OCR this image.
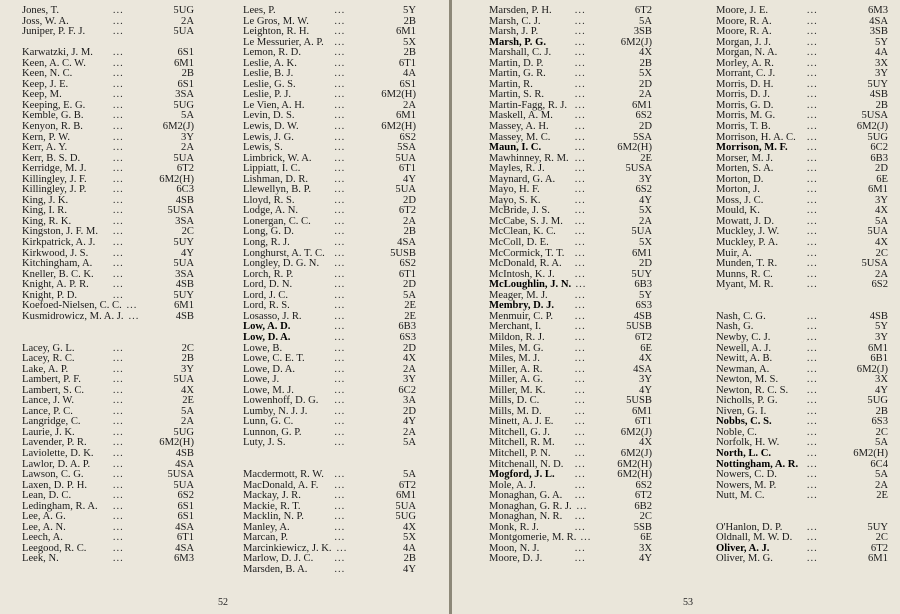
Jones, T.	...	5UG
Joss, W. A.	...	2A
Juniper, P. F. J.	...	5UA
Karwatzki, J. M. ...	6S1
Keen, A. C. W.	...	6M1
Keen, N. C.	...	2B
Keep, J. E.	...	6S1
Keep, M.	...	3SA
Keeping, E. G.	...	5UG
Kemble, G. B.	...	5A
Kenyon, R. B.	...	6M2(J)
Kern, P. W.	...	3Y
Kerr, A. Y.	...	2A
Kerr, B. S. D.	...	5UA
Kerridge, M. J. ...	6T2
Killingley, J. F. ...	6M2(H)
Killingley, J. P. ...	6C3
King, J. K.	...	4SB
King, I. R.	...	5USA
King, R. K.	...	3SA
Kingston, J. F. M. ...	2C
Kirkpatrick, A. J. ...	5UY
Kirkwood, J. S. ...	4Y
Kitchingham, A. ...	5UA
Kneller, B. C. K. ...	3SA
Knight, A. P. R. ...	4SB
Knight, P. D.	...	5UY
Koefoed-Nielsen, C. C. ...	6M1
Kusmidrowicz, M. A. J. ...	4SB
Lacey, G. L.	...	2C
Lacey, R. C.	...	2B
Lake, A. P.	...	3Y
Lambert, P. F.	...	5UA
Lambert, S. C.	...	4X
Lance, J. W.	...	2E
Lance, P. C.	...	5A
Langridge, C.	...	2A
Laurie, J. K.	...	5UG
Lavender, P. R. ...	6M2(H)
Laviolette, D. K. ...	4SB
Lawlor, D. A. P. ...	4SA
Lawson, C. G.	...	5USA
Laxen, D. P. H. ...	5UA
Lean, D. C.	...	6S2
Ledingham, R. A. ...	6S1
Lee, A. G.	...	6S1
Lee, A. N.	...	4SA
Leech, A.	...	6T1
Leegood, R. C. ...	4SA
Leek, N.	...	6M3
Lees, P.	...	5Y
Le Gros, M. W. ...	2B
Leighton, R. H. ...	6M1
Le Messurier, A. P. ...	5X
Lemon, R. D.	...	2B
Leslie, A. K.	...	6T1
Leslie, B. J.	...	4A
Leslie, G. S.	...	6S1
Leslie, P. J.	...	6M2(H)
Le Vien, A. H.	...	2A
Levin, D. S.	...	6M1
Lewis, D. W.	...	6M2(H)
Lewis, J. G.	...	6S2
Lewis, S.	...	5SA
Limbrick, W. A. ...	5UA
Lippiatt, I. C.	...	6T1
Lishman, D. R. ...	4Y
Llewellyn, B. P. ...	5UA
Lloyd, R. S.	...	2D
Lodge, A. N.	...	6T2
Lonergan, C. C. ...	2A
Long, G. D.	...	2B
Long, R. J.	...	4SA
Longhurst, A. T. C. ...	5USB
Longley, D. G. N. ...	6S2
Lorch, R. P.	...	6T1
Lord, D. N.	...	2D
Lord, J. C.	...	5A
Lord, R. S.	...	2E
Losasso, J. R.	...	2E
Low, A. D.	...	6B3
Low, D. A.	...	6S3
Lowe, B.	...	2D
Lowe, C. E. T.	...	4X
Lowe, D. A.	...	2A
Lowe, J.	...	3Y
Lowe, M. J.	...	6C2
Lowenhoff, D. G. ...	3A
Lumby, N. J. J.	...	2D
Lunn, G. C.	...	4Y
Lunnon, G. P.	...	2A
Luty, J. S.	...	5A
Macdermott, R. W. ...	5A
MacDonald, A. F. ...	6T2
Mackay, J. R.	...	6M1
Mackie, R. T.	...	5UA
Macklin, N. P.	...	5UG
Manley, A.	...	4X
Marcan, P.	...	5X
Marcinkiewicz, J. K. ...	4A
Marlow, D. J. C. ...	2B
Marsden, B. A.	...	4Y
52
Marsden, P. H. ...	6T2
Marsh, C. J.	...	5A
Marsh, J. P.	...	3SB
Marsh, P. G.	...	6M2(J)
Marshall, C. J. ...	4X
Martin, D. P.	...	2B
Martin, G. R.	...	5X
Martin, R.	...	2D
Martin, S. R.	...	2A
Martin-Fagg, R. J. ...	6M1
Maskell, A. M. ...	6S2
Massey, A. H. ...	2D
Massey, M. C. ...	5SA
Maun, I. C.	...	6M2(H)
Mawhinney, R. M. ...	2E
Mayles, R. J.	...	5USA
Maynard, G. A. ...	3Y
Mayo, H. F.	...	6S2
Mayo, S. K.	...	4Y
McBride, J. S. ...	5X
McCabe, S. J. M. ...	2A
McClean, K. C. ...	5UA
McColl, D. E. ...	5X
McCormick, T. T. ...	6M1
McDonald, R. A. ...	2D
McIntosh, K. J. ...	5UY
McLoughlin, J. N. ...	6B3
Meager, M. J.	...	5Y
Membry, D. J. ...	6S3
Menmuir, C. P. ...	4SB
Merchant, I.	...	5USB
Mildon, R. J.	...	6T2
Miles, M. G.	...	6E
Miles, M. J.	...	4X
Miller, A. R.	...	4SA
Miller, A. G.	...	3Y
Miller, M. K.	...	4Y
Mills, D. C.	...	5USB
Mills, M. D.	...	6M1
Minett, A. J. E. ...	6T1
Mitchell, G. J. ...	6M2(J)
Mitchell, R. M. ...	4X
Mitchell, P. N. ...	6M2(J)
Mitchenall, N. D. ...	6M2(H)
Mogford, J. L. ...	6M2(H)
Mole, A. J.	...	6S2
Monaghan, G. A. ...	6T2
Monaghan, G. R. J. ...	6B2
Monaghan, N. R. ...	2C
Monk, R. J.	...	5SB
Montgomerie, M. R. ...	6E
Moon, N. J.	...	3X
Moore, D. J.	...	4Y
Moore, J. E.	...	6M3
Moore, R. A.	...	4SA
Moore, R. A.	...	3SB
Morgan, J. J.	...	5Y
Morgan, N. A.	...	4A
Morley, A. R.	...	3X
Morrant, C. J.	...	3Y
Morris, D. H.	...	5UY
Morris, D. J.	...	4SB
Morris, G. D.	...	2B
Morris, M. G.	...	5USA
Morris, T. B.	...	6M2(J)
Morrison, H. A. C. ...	5UG
Morrison, M. F. ...	6C2
Morser, M. J.	...	6B3
Morten, S. A.	...	2D
Morton, D.	...	6E
Morton, J.	...	6M1
Moss, J. C.	...	3Y
Mould, K.	...	4X
Mowatt, J. D.	...	5A
Muckley, J. W.	...	5UA
Muckley, P. A.	...	4X
Muir, A.	...	2C
Munden, T. R.	...	5USA
Munns, R. C.	...	2A
Myant, M. R.	...	6S2
Nash, C. G.	...	4SB
Nash, G.	...	5Y
Newby, C. J.	...	3Y
Newell, A. J.	...	6M1
Newitt, A. B.	...	6B1
Newman, A.	...	6M2(J)
Newton, M. S.	...	3X
Newton, R. C. S. ...	4Y
Nicholls, P. G.	...	5UG
Niven, G. I.	...	2B
Nobbs, C. S.	...	6S3
Noble, C.	...	2C
Norfolk, H. W.	...	5A
North, L. C.	...	6M2(H)
Nottingham, A. R. ...	6C4
Nowers, C. D.	...	5A
Nowers, M. P.	...	2A
Nutt, M. C.	...	2E
O'Hanlon, D. P. ...	5UY
Oldnall, M. W. D. ...	2C
Oliver, A. J.	...	6T2
Oliver, M. G.	...	6M1
53
